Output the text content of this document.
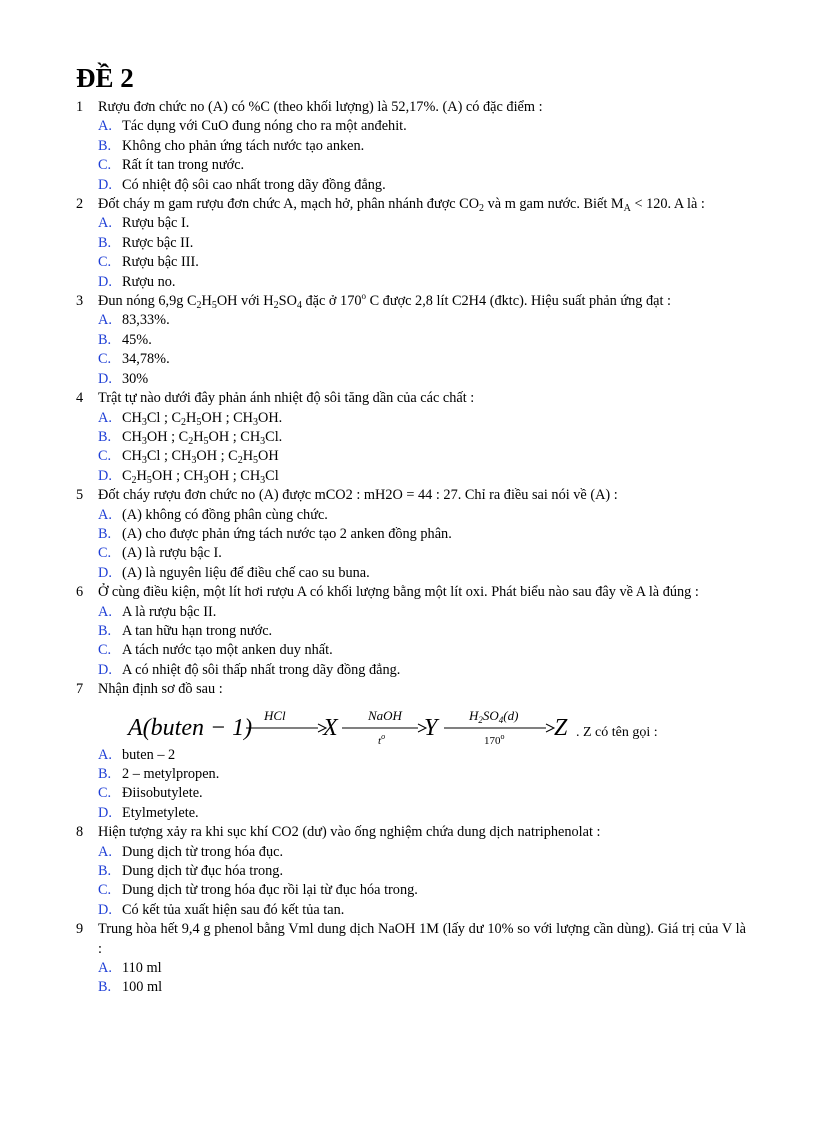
ĐỀ 2
1	Rượu đơn chức no (A) có %C (theo khối lượng) là 52,17%. (A) có đặc điểm :
A. Tác dụng với CuO đung nóng cho ra một anđehit.
B. Không cho phản ứng tách nước tạo anken.
C. Rất ít tan trong nước.
D. Có nhiệt độ sôi cao nhất trong dãy đồng đẳng.
2	Đốt cháy m gam rượu đơn chức A, mạch hở, phân nhánh được $CO_2$ và m gam nước. Biết $M_A < 120$. A là :
A. Rượu bậc I.
B. Rược bậc II.
C. Rượu bậc III.
D. Rượu no.
3	Đun nóng 6,9g $C_2H_5OH$ với $H_2SO_4$ đặc ở 170$^o$ C được 2,8 lít C2H4 (đktc). Hiệu suất phản ứng đạt :
A. 83,33%.
B. 45%.
C. 34,78%.
D. 30%
4	Trật tự nào dưới đây phản ánh nhiệt độ sôi tăng dần của các chất :
A. $CH_3Cl$ ; $C_2H_5OH$ ; $CH_3OH$.
B. $CH_3OH$ ; $C_2H_5OH$ ; $CH_3Cl$.
C. $CH_3Cl$ ; $CH_3OH$ ; $C_2H_5OH$
D. $C_2H_5OH$ ; $CH_3OH$ ; $CH_3Cl$
5	Đốt cháy rượu đơn chức no (A) được mCO2 : mH2O = 44 : 27. Chỉ ra điều sai nói về (A) :
A. (A) không có đồng phân cùng chức.
B. (A) cho được phản ứng tách nước tạo 2 anken đồng phân.
C. (A) là rượu bậc I.
D. (A) là nguyên liệu để điều chế cao su buna.
6	Ở cùng điều kiện, một lít hơi rượu A có khối lượng bằng một lít oxi. Phát biểu nào sau đây về A là đúng :
A. A là rượu bậc II.
B. A tan hữu hạn trong nước.
C. A tách nước tạo một anken duy nhất.
D. A có nhiệt độ sôi thấp nhất trong dãy đồng đẳng.
7	Nhận định sơ đồ sau :
A(buten − 1) HCl X NaOH
$t^o$ Y $H_2SO_4(d)$
170$^o$ Z . Z có tên gọi :
A. buten – 2
B. 2 – metylpropen.
C. Điisobutylete.
D. Etylmetylete.
8	Hiện tượng xảy ra khi sục khí CO2 (dư) vào ống nghiệm chứa dung dịch natriphenolat :
A. Dung dịch từ trong hóa đục.
B. Dung dịch từ đục hóa trong.
C. Dung dịch từ trong hóa đục rồi lại từ đục hóa trong.
D. Có kết tủa xuất hiện sau đó kết tủa tan.
9	Trung hòa hết 9,4 g phenol bằng Vml dung dịch NaOH 1M (lấy dư 10% so với lượng cần dùng). Giá trị của V là :
A. 110 ml
B. 100 ml
